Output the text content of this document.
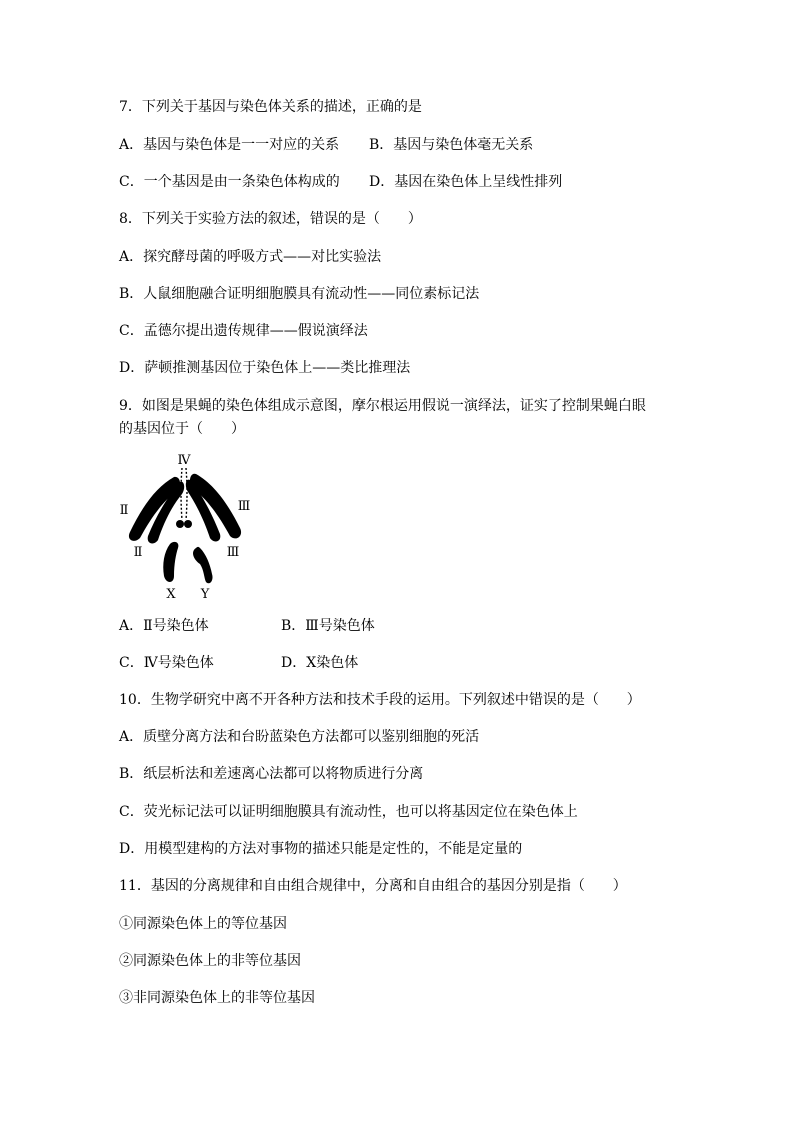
7．下列关于基因与染色体关系的描述，正确的是
A．基因与染色体是一一对应的关系 B．基因与染色体毫无关系
C．一个基因是由一条染色体构成的 D．基因在染色体上呈线性排列
8．下列关于实验方法的叙述，错误的是（　　）
A．探究酵母菌的呼吸方式——对比实验法
B．人鼠细胞融合证明细胞膜具有流动性——同位素标记法
C．孟德尔提出遗传规律——假说演绎法
D．萨顿推测基因位于染色体上——类比推理法
9．如图是果蝇的染色体组成示意图，摩尔根运用假说一演绎法，证实了控制果蝇白眼
的基因位于（　　）
Ⅳ
Ⅱ	Ⅲ
Ⅱ	Ⅲ
X Y
A．Ⅱ号染色体	B．Ⅲ号染色体
C．Ⅳ号染色体	D．X染色体
10．生物学研究中离不开各种方法和技术手段的运用。下列叙述中错误的是（　　）
A．质壁分离方法和台盼蓝染色方法都可以鉴别细胞的死活
B．纸层析法和差速离心法都可以将物质进行分离
C．荧光标记法可以证明细胞膜具有流动性，也可以将基因定位在染色体上
D．用模型建构的方法对事物的描述只能是定性的，不能是定量的
11．基因的分离规律和自由组合规律中，分离和自由组合的基因分别是指（　　）
①同源染色体上的等位基因
②同源染色体上的非等位基因
③非同源染色体上的非等位基因
